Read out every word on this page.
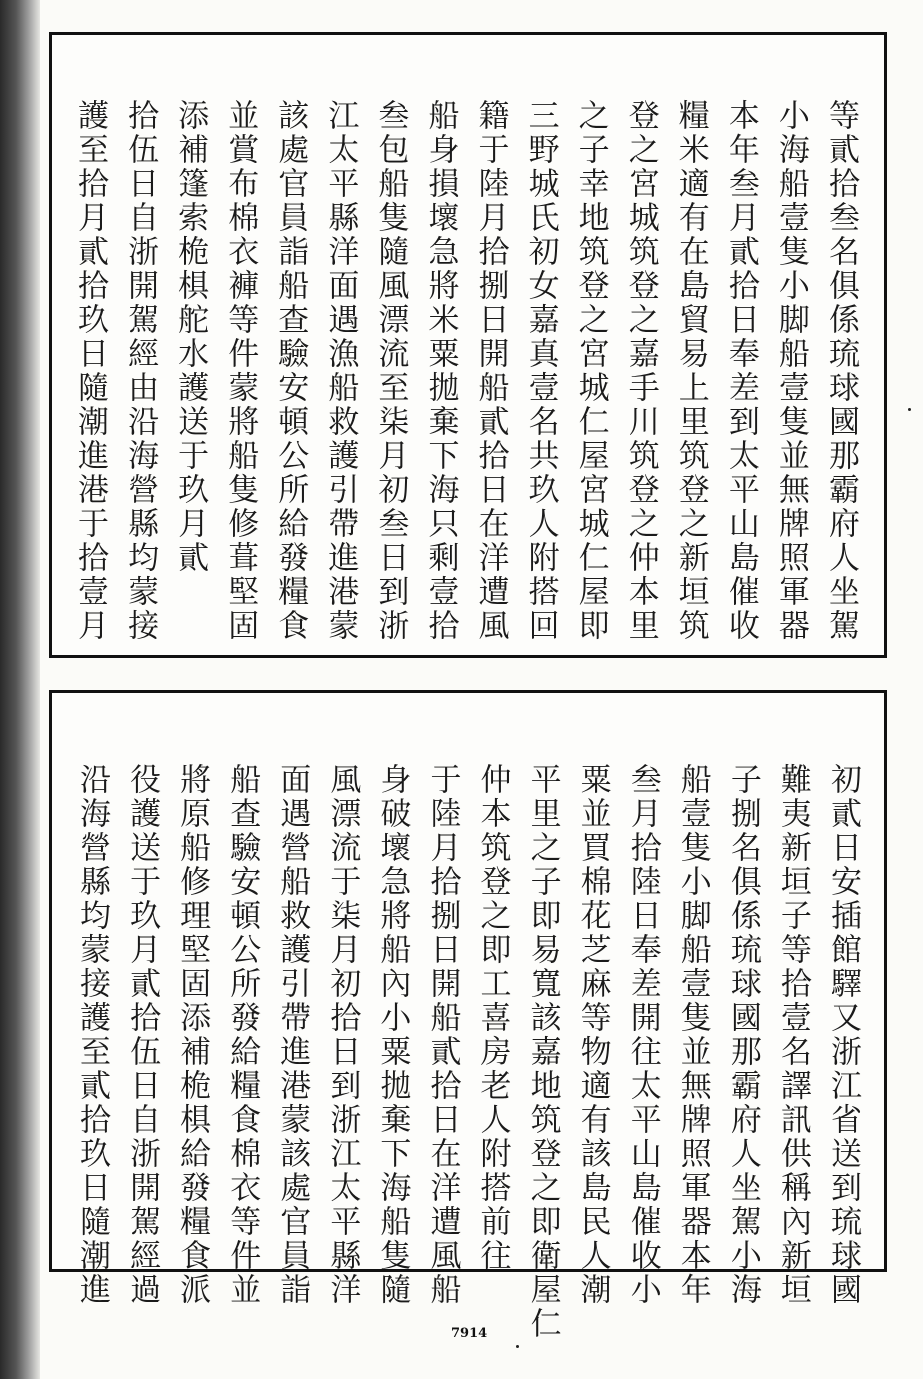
等貳拾叁名俱係琉球國那霸府人坐駕
小海船壹隻小脚船壹隻並無牌照軍器
本年叁月貳拾日奉差到太平山島催收
糧米適有在島貿易上里筑登之新垣筑
登之宮城筑登之嘉手川筑登之仲本里
之子幸地筑登之宮城仁屋宮城仁屋即
三野城氏初女嘉真壹名共玖人附搭回
籍于陸月拾捌日開船貳拾日在洋遭風
船身損壞急將米粟拋棄下海只剩壹拾
叁包船隻隨風漂流至柒月初叁日到浙
江太平縣洋面遇漁船救護引帶進港蒙
該處官員詣船查驗安頓公所給發糧食
並賞布棉衣褲等件蒙將船隻修葺堅固
添補篷索桅椇舵水護送于玖月貳
拾伍日自浙開駕經由沿海營縣均蒙接
護至拾月貳拾玖日隨潮進港于拾壹月
初貳日安插館驛又浙江省送到琉球國
難夷新垣子等拾壹名譯訊供稱內新垣
子捌名俱係琉球國那霸府人坐駕小海
船壹隻小脚船壹隻並無牌照軍器本年
叁月拾陸日奉差開往太平山島催收小
粟並買棉花芝麻等物適有該島民人潮
平里之子即易寬該嘉地筑登之即衛屋仁
仲本筑登之即工喜房老人附搭前往
于陸月拾捌日開船貳拾日在洋遭風船
身破壞急將船內小粟拋棄下海船隻隨
風漂流于柒月初拾日到浙江太平縣洋
面遇營船救護引帶進港蒙該處官員詣
船查驗安頓公所發給糧食棉衣等件並
將原船修理堅固添補桅椇給發糧食派
役護送于玖月貳拾伍日自浙開駕經過
沿海營縣均蒙接護至貳拾玖日隨潮進
7914
